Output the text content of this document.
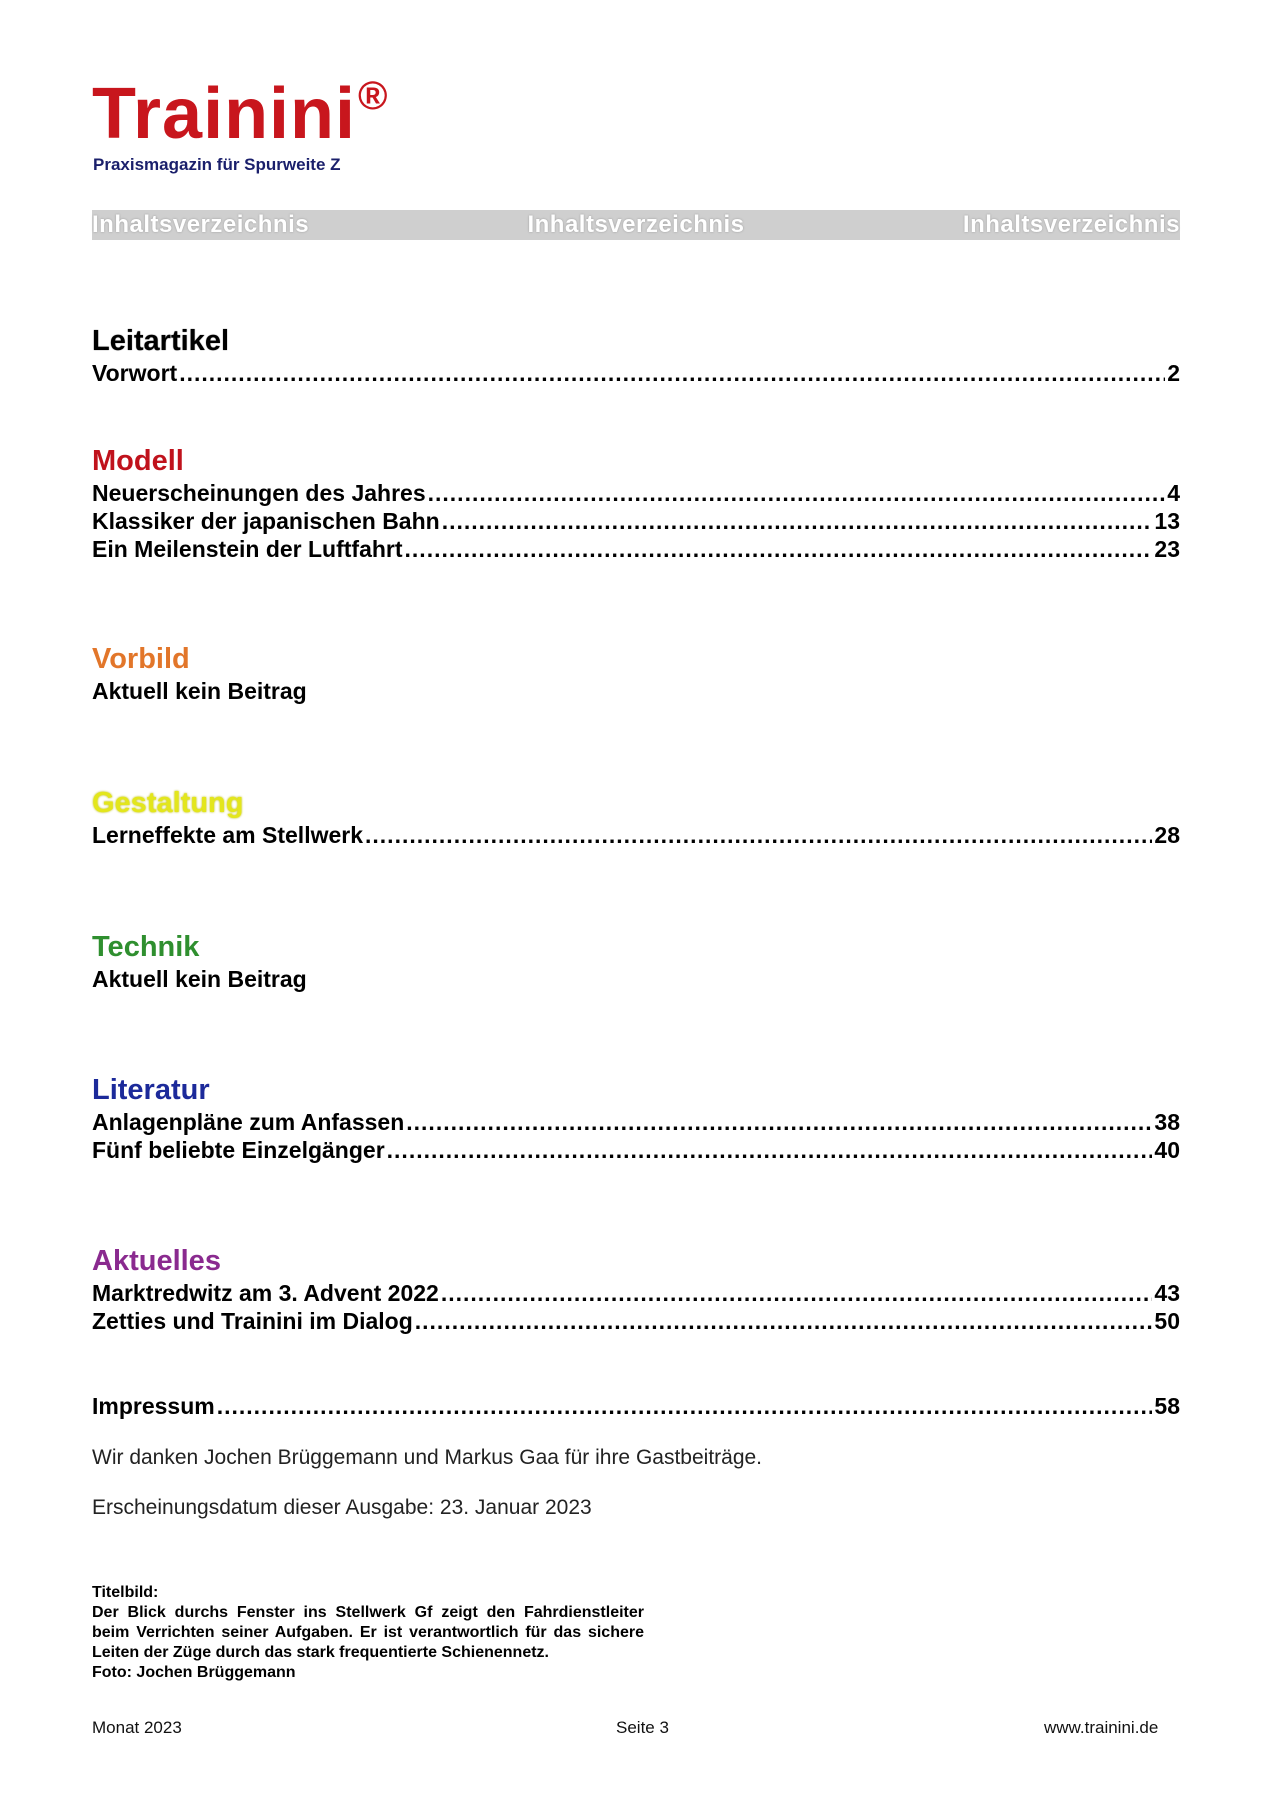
Trainini®
Praxismagazin für Spurweite Z
Inhaltsverzeichnis	Inhaltsverzeichnis	Inhaltsverzeichnis
Leitartikel
Vorwort .....	2
Modell
Neuerscheinungen des Jahres .....	4
Klassiker der japanischen Bahn .....	13
Ein Meilenstein der Luftfahrt .....	23
Vorbild
Aktuell kein Beitrag
Gestaltung
Lerneffekte am Stellwerk .....	28
Technik
Aktuell kein Beitrag
Literatur
Anlagenpläne zum Anfassen .....	38
Fünf beliebte Einzelgänger .....	40
Aktuelles
Marktredwitz am 3. Advent 2022 .....	43
Zetties und Trainini im Dialog .....	50
Impressum .....	58
Wir danken Jochen Brüggemann und Markus Gaa für ihre Gastbeiträge.
Erscheinungsdatum dieser Ausgabe: 23. Januar 2023
Titelbild:
Der Blick durchs Fenster ins Stellwerk Gf zeigt den Fahrdienstleiter beim Verrichten seiner Aufgaben. Er ist verantwortlich für das sichere Leiten der Züge durch das stark frequentierte Schienennetz.
Foto: Jochen Brüggemann
Monat 2023	Seite 3	www.trainini.de
